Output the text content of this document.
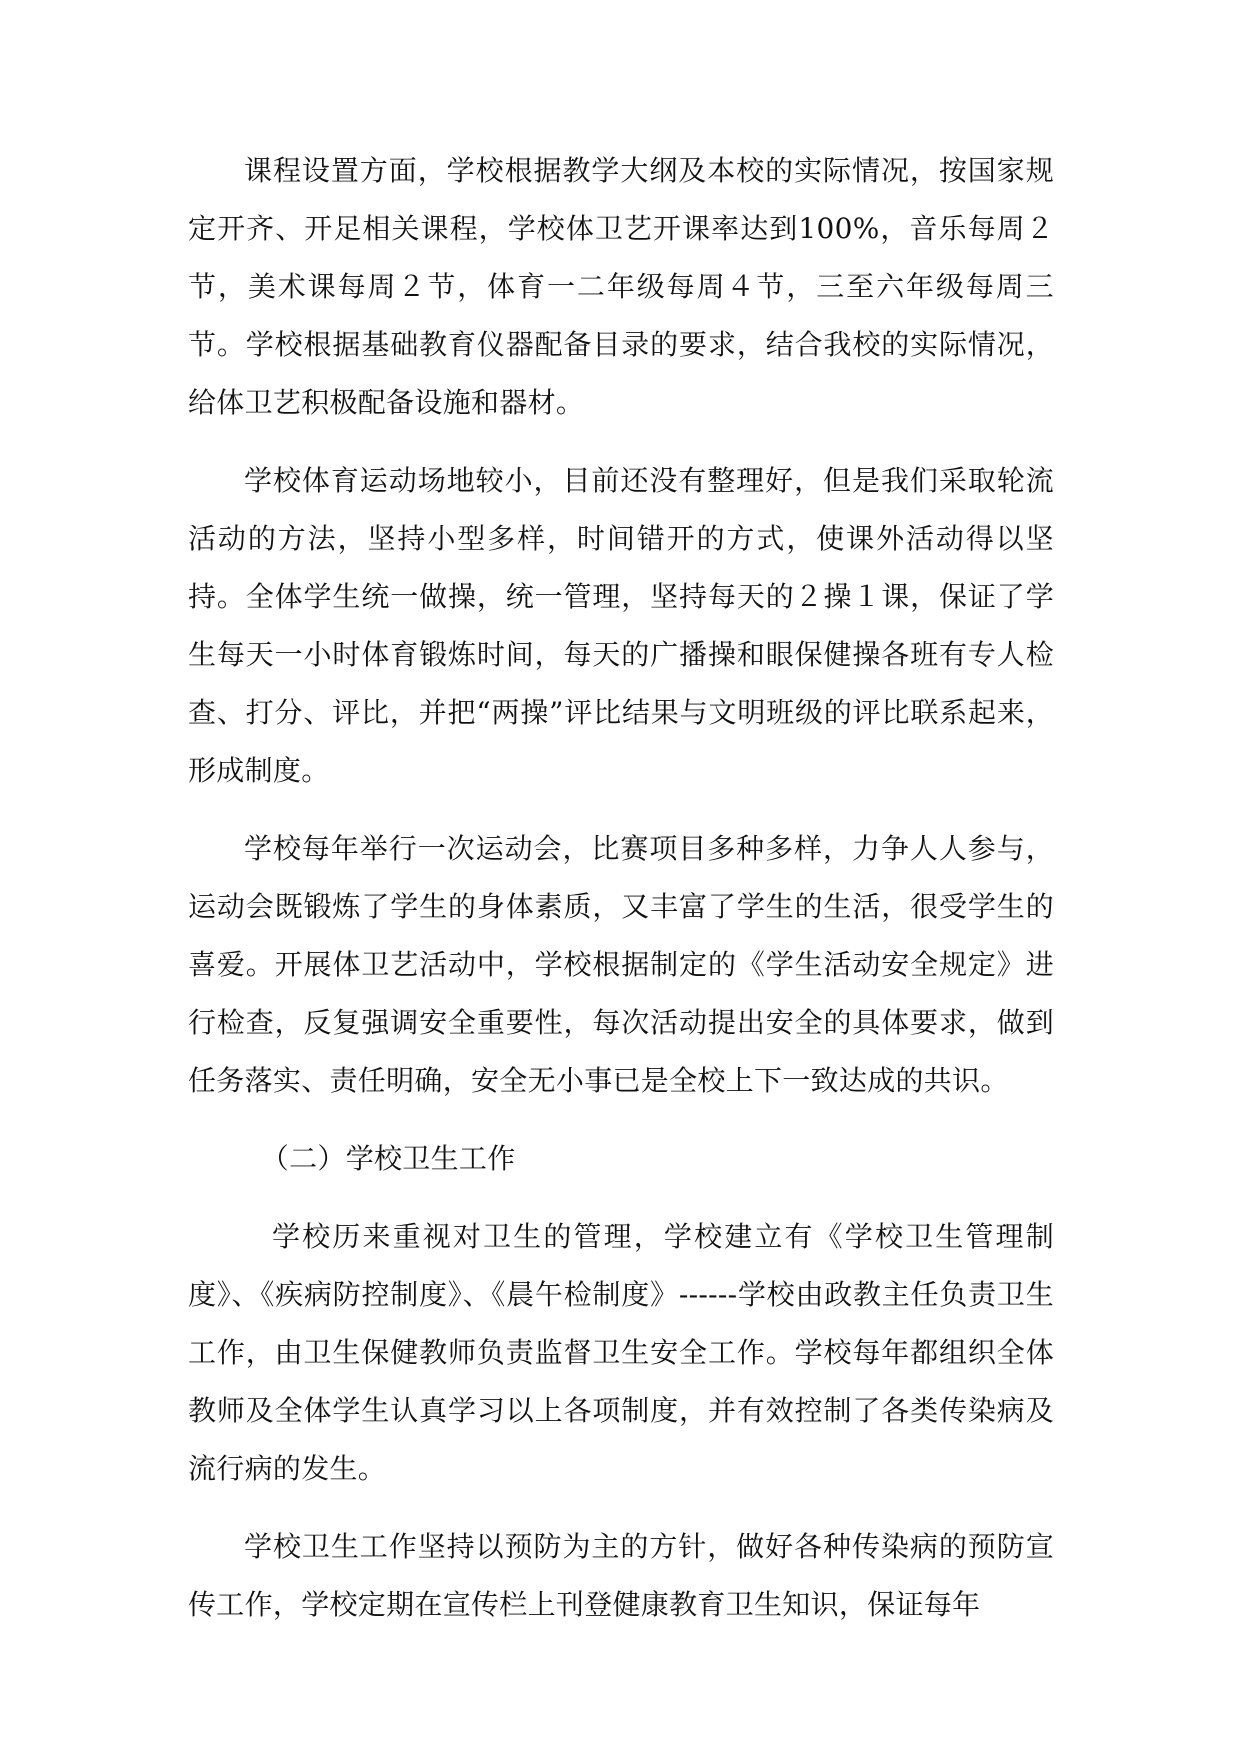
课程设置方面，学校根据教学大纲及本校的实际情况，按国家规定开齐、开足相关课程，学校体卫艺开课率达到100%，音乐每周２节，美术课每周２节，体育一二年级每周４节，三至六年级每周三节。学校根据基础教育仪器配备目录的要求，结合我校的实际情况，给体卫艺积极配备设施和器材。

学校体育运动场地较小，目前还没有整理好，但是我们采取轮流活动的方法，坚持小型多样，时间错开的方式，使课外活动得以坚持。全体学生统一做操，统一管理，坚持每天的２操１课，保证了学生每天一小时体育锻炼时间，每天的广播操和眼保健操各班有专人检查、打分、评比，并把“两操”评比结果与文明班级的评比联系起来，形成制度。

学校每年举行一次运动会，比赛项目多种多样，力争人人参与，运动会既锻炼了学生的身体素质，又丰富了学生的生活，很受学生的喜爱。开展体卫艺活动中，学校根据制定的《学生活动安全规定》进行检查，反复强调安全重要性，每次活动提出安全的具体要求，做到任务落实、责任明确，安全无小事已是全校上下一致达成的共识。

（二）学校卫生工作

学校历来重视对卫生的管理，学校建立有《学校卫生管理制度》、《疾病防控制度》、《晨午检制度》------学校由政教主任负责卫生工作，由卫生保健教师负责监督卫生安全工作。学校每年都组织全体教师及全体学生认真学习以上各项制度，并有效控制了各类传染病及流行病的发生。

学校卫生工作坚持以预防为主的方针，做好各种传染病的预防宣传工作，学校定期在宣传栏上刊登健康教育卫生知识，保证每年
